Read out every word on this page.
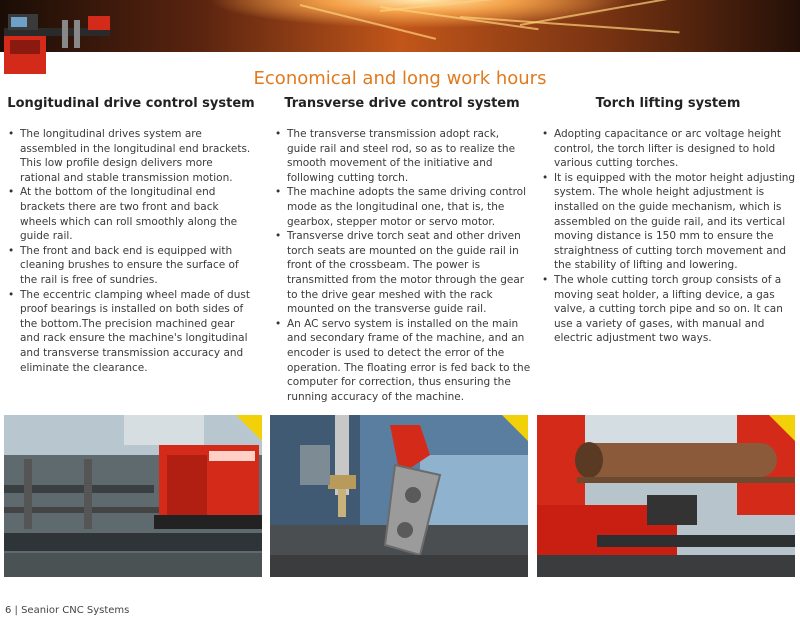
Economical and long work hours
Longitudinal drive control system
• The longitudinal drives system are assembled in the longitudinal end brackets. This low profile design delivers more rational and stable transmission motion.
• At the bottom of the longitudinal end brackets there are two front and back wheels which can roll smoothly along the guide rail.
• The front and back end is equipped with cleaning brushes to ensure the surface of the rail is free of sundries.
• The eccentric clamping wheel made of dust proof bearings is installed on both sides of the bottom.The precision machined gear and rack ensure the machine's longitudinal and transverse transmission accuracy and eliminate the clearance.
Transverse drive control system
• The transverse transmission adopt rack, guide rail and steel rod, so as to realize the smooth movement of the initiative and following cutting torch.
• The machine adopts the same driving control mode as the longitudinal one, that is, the gearbox, stepper motor or servo motor.
• Transverse drive torch seat and other driven torch seats are mounted on the guide rail in front of the crossbeam. The power is transmitted from the motor through the gear to the drive gear meshed with the rack mounted on the transverse guide rail.
• An AC servo system is installed on the main and secondary frame of the machine, and an encoder is used to detect the error of the operation. The floating error is fed back to the computer for correction, thus ensuring the running accuracy of the machine.
Torch lifting system
• Adopting capacitance or arc voltage height control, the torch lifter is designed to hold various cutting torches.
• It is equipped with the motor height adjusting system. The whole height adjustment is installed on the guide mechanism, which is assembled on the guide rail, and its vertical moving distance is 150 mm to ensure the straightness of cutting torch movement and the stability of lifting and lowering.
• The whole cutting torch group consists of a moving seat holder, a lifting device, a gas valve, a cutting torch pipe and so on. It can use a variety of gases, with manual and electric adjustment two ways.
6 | Seanior CNC Systems
